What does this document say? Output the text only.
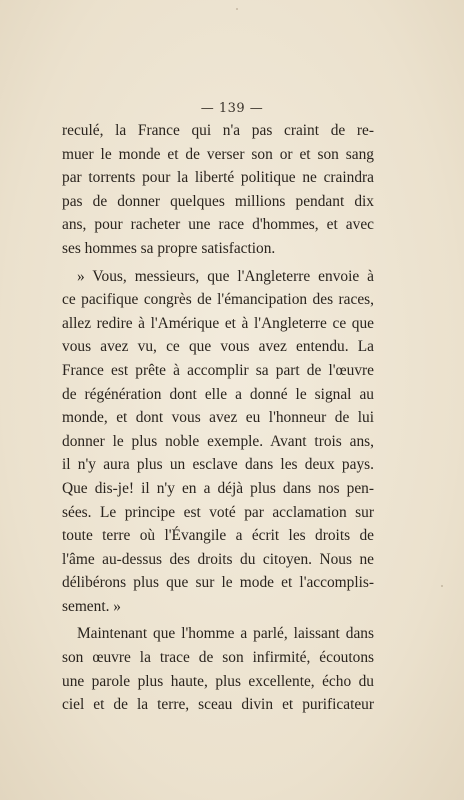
— 139 —
reculé, la France qui n'a pas craint de re-
muer le monde et de verser son or et son sang
par torrents pour la liberté politique ne craindra
pas de donner quelques millions pendant dix
ans, pour racheter une race d'hommes, et avec
ses hommes sa propre satisfaction.
» Vous, messieurs, que l'Angleterre envoie à
ce pacifique congrès de l'émancipation des races,
allez redire à l'Amérique et à l'Angleterre ce que
vous avez vu, ce que vous avez entendu. La
France est prête à accomplir sa part de l'œuvre
de régénération dont elle a donné le signal au
monde, et dont vous avez eu l'honneur de lui
donner le plus noble exemple. Avant trois ans,
il n'y aura plus un esclave dans les deux pays.
Que dis-je! il n'y en a déjà plus dans nos pen-
sées. Le principe est voté par acclamation sur
toute terre où l'Évangile a écrit les droits de
l'âme au-dessus des droits du citoyen. Nous ne
délibérons plus que sur le mode et l'accomplis-
sement. »
Maintenant que l'homme a parlé, laissant dans
son œuvre la trace de son infirmité, écoutons
une parole plus haute, plus excellente, écho du
ciel et de la terre, sceau divin et purificateur
